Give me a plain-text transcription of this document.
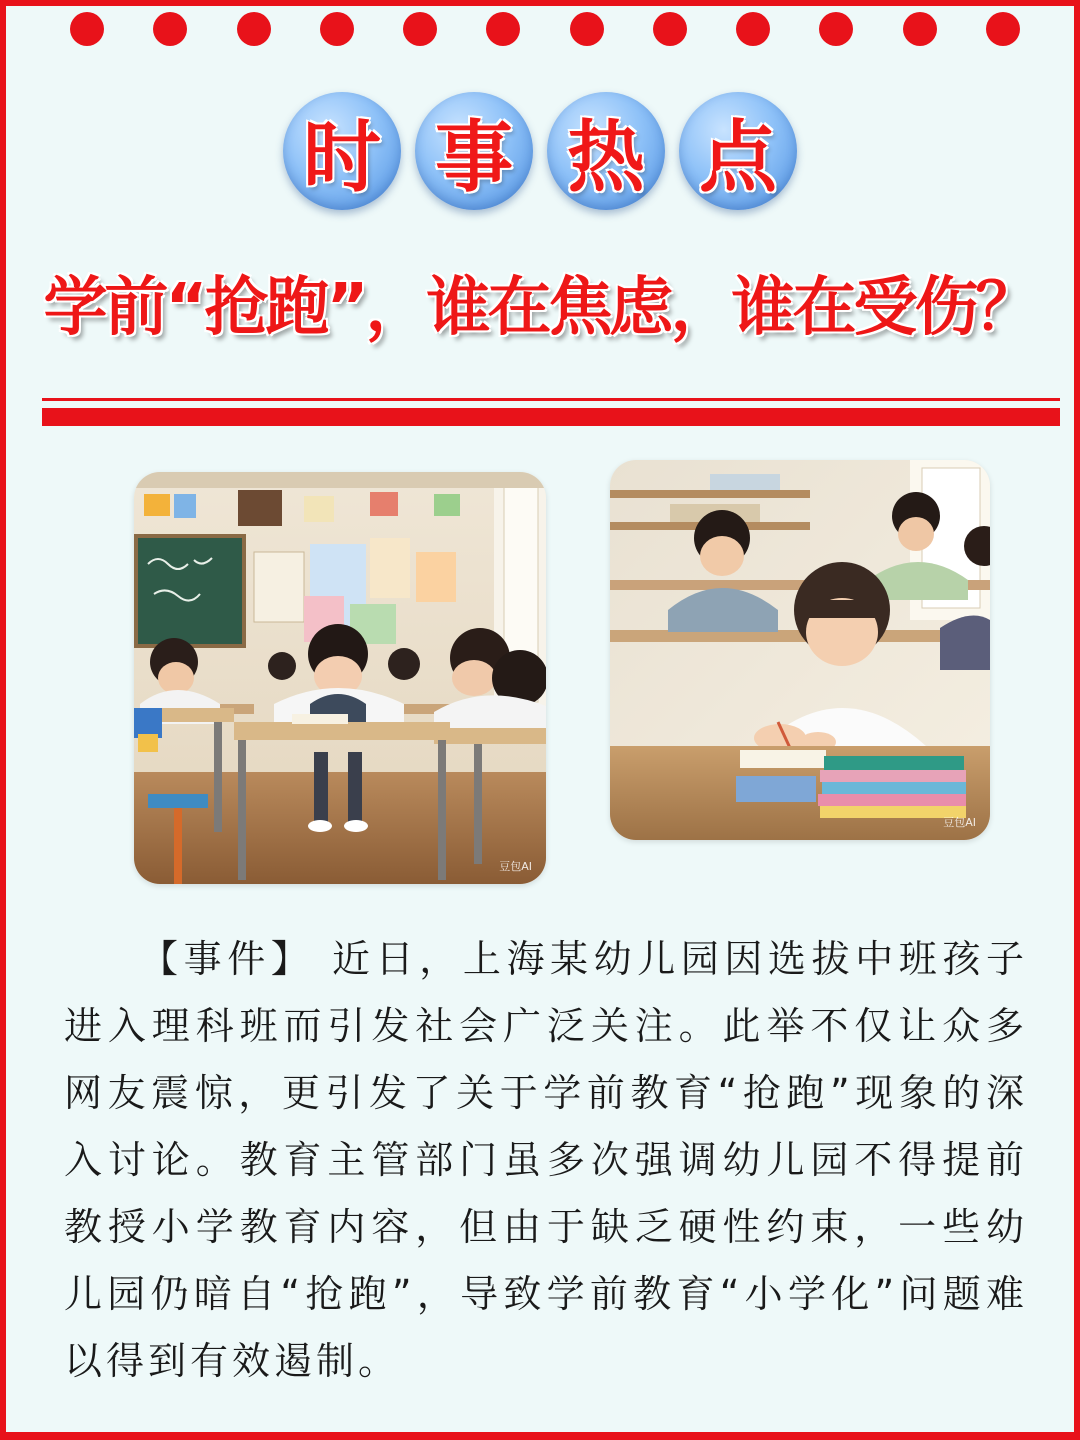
时 事 热 点
学前“抢跑”，谁在焦虑，谁在受伤？
豆包AI
豆包AI

【事件】 近日，上海某幼儿园因选拔中班孩子进入理科班而引发社会广泛关注。此举不仅让众多网友震惊，更引发了关于学前教育“抢跑”现象的深入讨论。教育主管部门虽多次强调幼儿园不得提前教授小学教育内容，但由于缺乏硬性约束，一些幼儿园仍暗自“抢跑”，导致学前教育“小学化”问题难以得到有效遏制。
